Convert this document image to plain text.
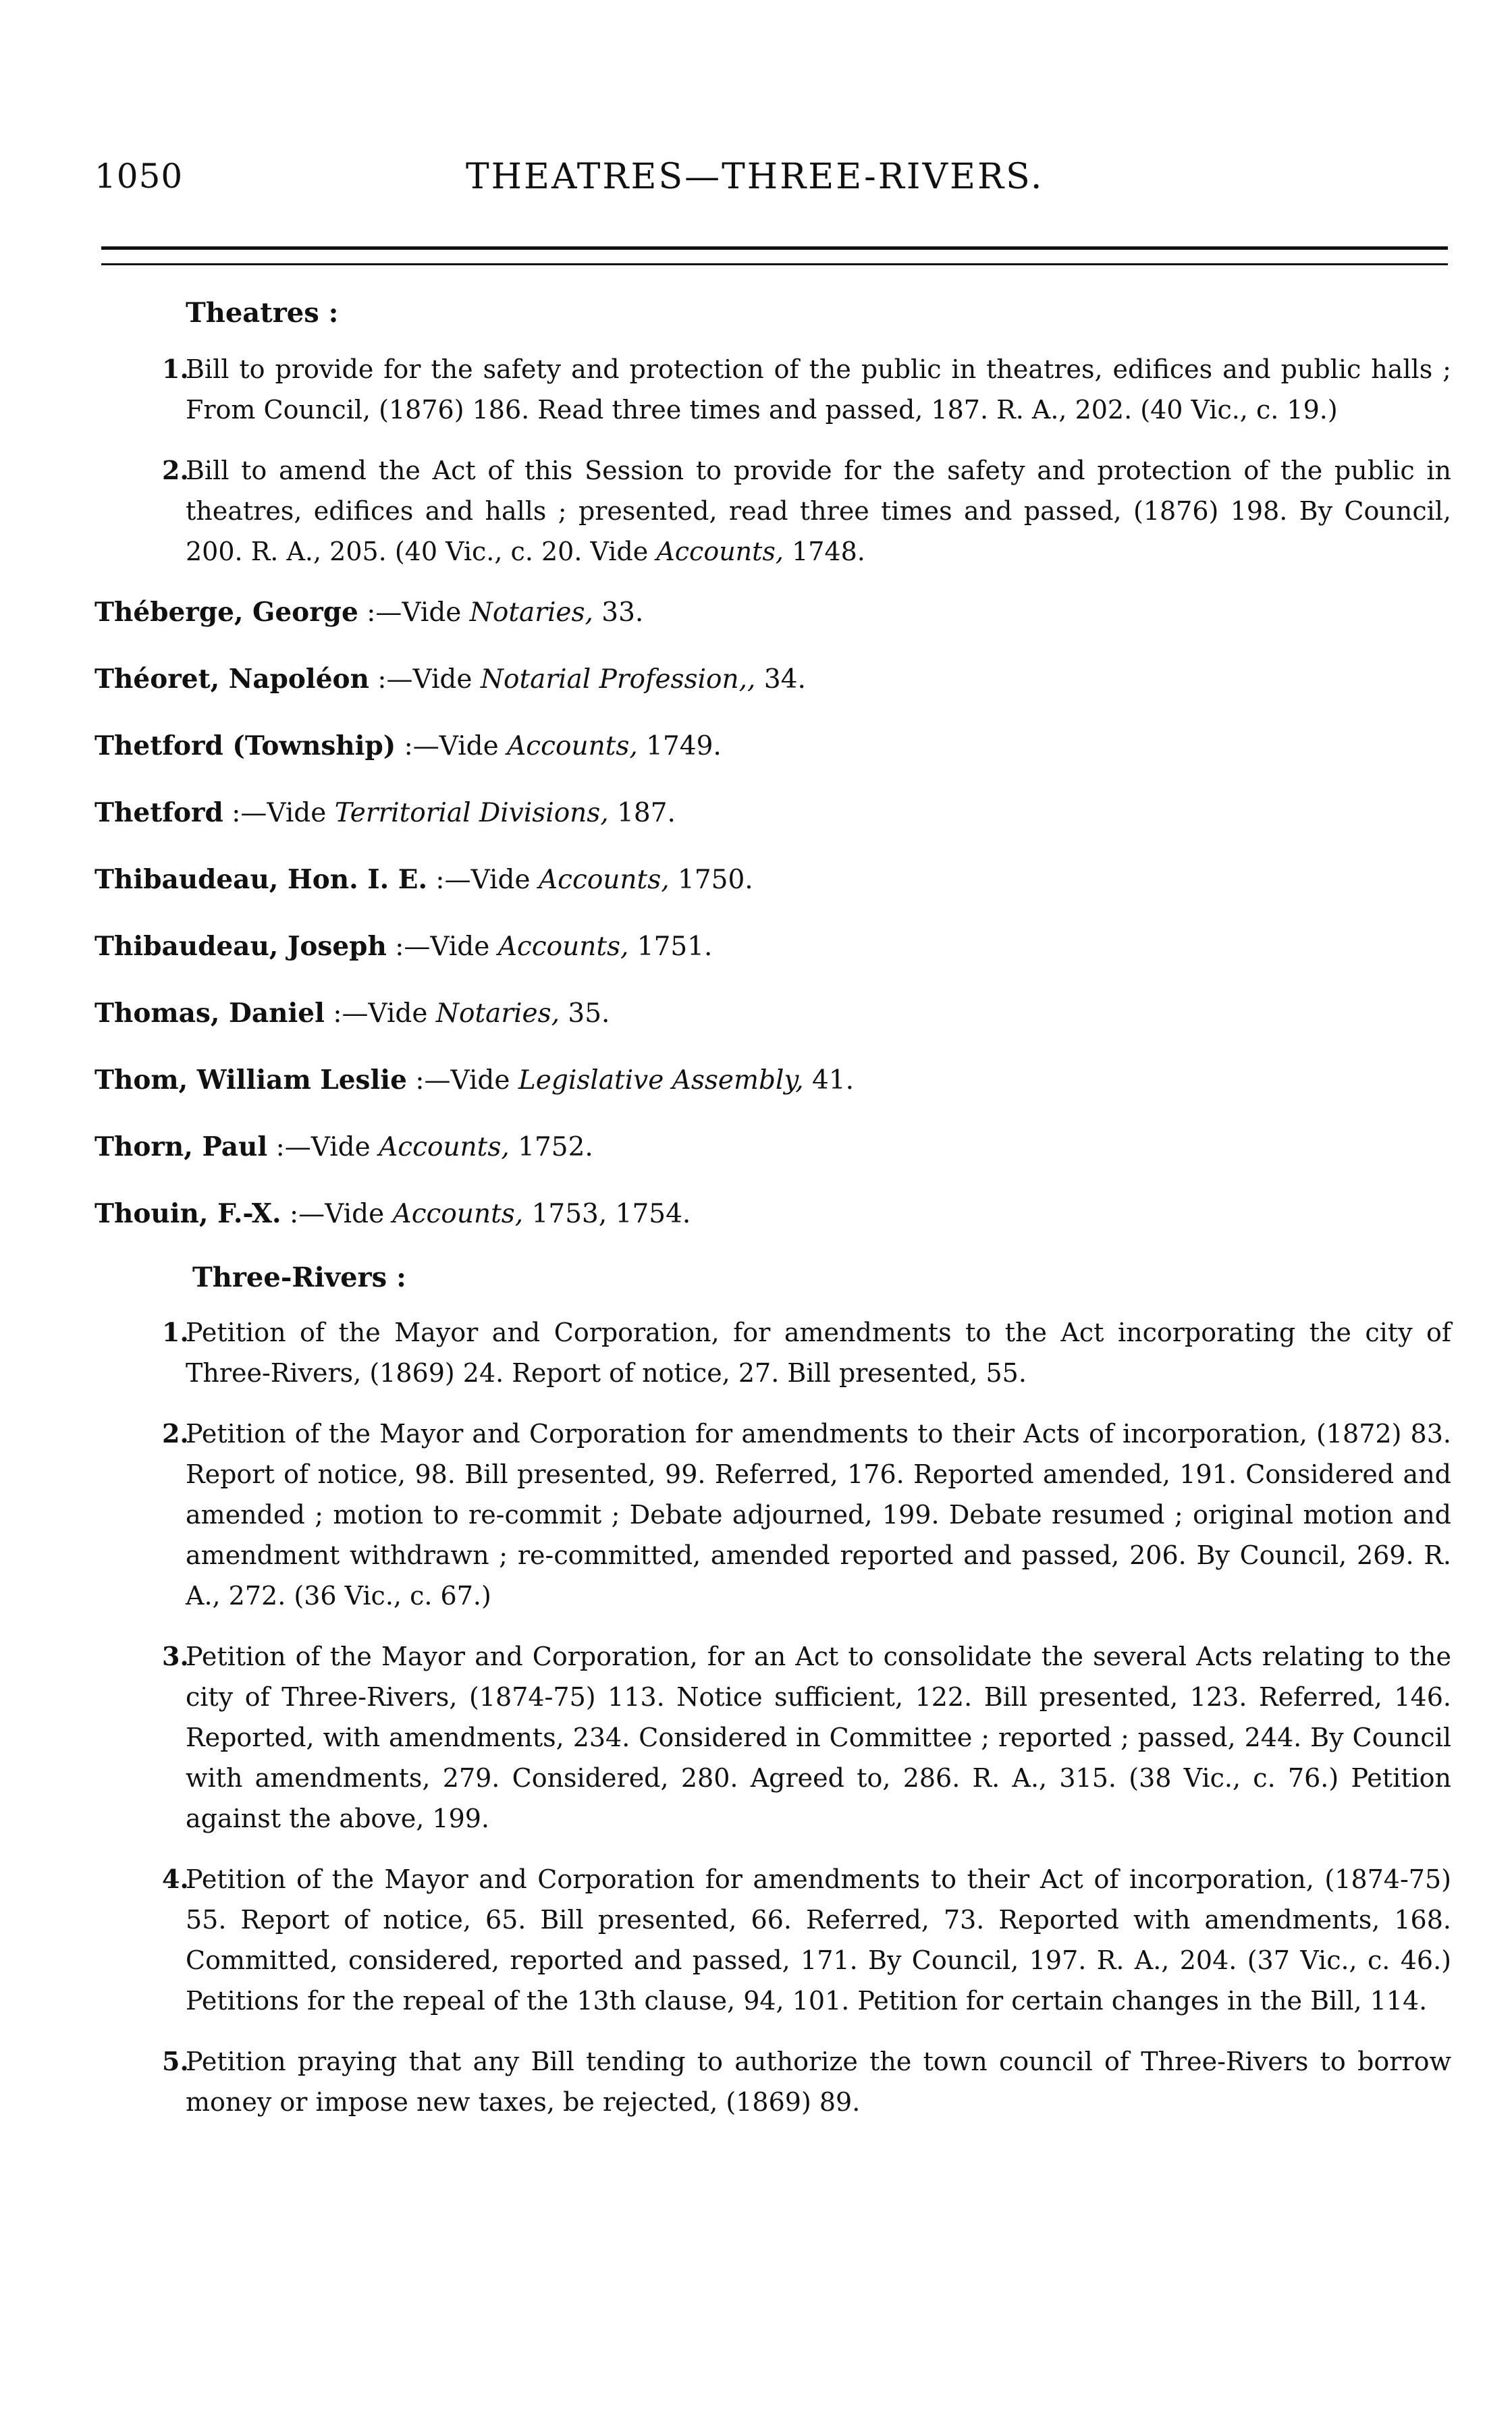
1050	THEATRES—THREE-RIVERS.
Theatres :
1.
Bill to provide for the safety and protection of the public in theatres, edifices and public halls ; From Council, (1876) 186. Read three times and passed, 187. R. A., 202. (40 Vic., c. 19.)
2.
Bill to amend the Act of this Session to provide for the safety and protection of the public in theatres, edifices and halls ; presented, read three times and passed, (1876) 198. By Council, 200. R. A., 205. (40 Vic., c. 20. Vide Accounts, 1748.
Théberge, George :—Vide Notaries, 33.
Théoret, Napoléon :—Vide Notarial Profession,, 34.
Thetford (Township) :—Vide Accounts, 1749.
Thetford :—Vide Territorial Divisions, 187.
Thibaudeau, Hon. I. E. :—Vide Accounts, 1750.
Thibaudeau, Joseph :—Vide Accounts, 1751.
Thomas, Daniel :—Vide Notaries, 35.
Thom, William Leslie :—Vide Legislative Assembly, 41.
Thorn, Paul :—Vide Accounts, 1752.
Thouin, F.-X. :—Vide Accounts, 1753, 1754.
Three-Rivers :
1.
Petition of the Mayor and Corporation, for amendments to the Act incorporating the city of Three-Rivers, (1869) 24. Report of notice, 27. Bill presented, 55.
2.
Petition of the Mayor and Corporation for amendments to their Acts of incorporation, (1872) 83. Report of notice, 98. Bill presented, 99. Referred, 176. Reported amended, 191. Considered and amended ; motion to re-commit ; Debate adjourned, 199. Debate resumed ; original motion and amendment withdrawn ; re-committed, amended reported and passed, 206. By Council, 269. R. A., 272. (36 Vic., c. 67.)
3.
Petition of the Mayor and Corporation, for an Act to consolidate the several Acts relating to the city of Three-Rivers, (1874-75) 113. Notice sufficient, 122. Bill presented, 123. Referred, 146. Reported, with amendments, 234. Considered in Committee ; reported ; passed, 244. By Council with amendments, 279. Considered, 280. Agreed to, 286. R. A., 315. (38 Vic., c. 76.) Petition against the above, 199.
4.
Petition of the Mayor and Corporation for amendments to their Act of incorporation, (1874-75) 55. Report of notice, 65. Bill presented, 66. Referred, 73. Reported with amendments, 168. Committed, considered, reported and passed, 171. By Council, 197. R. A., 204. (37 Vic., c. 46.) Petitions for the repeal of the 13th clause, 94, 101. Petition for certain changes in the Bill, 114.
5.
Petition praying that any Bill tending to authorize the town council of Three-Rivers to borrow money or impose new taxes, be rejected, (1869) 89.
